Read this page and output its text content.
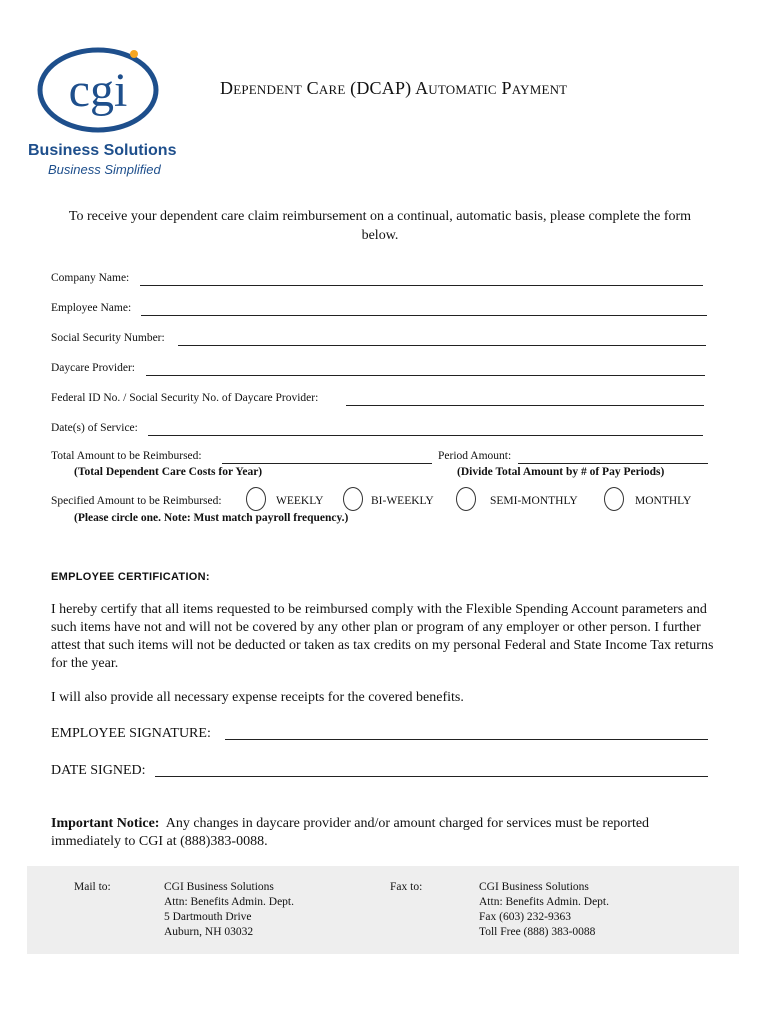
cgi
Business Solutions
Business Simplified
Dependent Care (DCAP) Automatic Payment
To receive your dependent care claim reimbursement on a continual, automatic basis, please complete the form below.
Company Name:
Employee Name:
Social Security Number:
Daycare Provider:
Federal ID No. / Social Security No. of Daycare Provider:
Date(s) of Service:
Total Amount to be Reimbursed:	Period Amount:
(Total Dependent Care Costs for Year)	(Divide Total Amount by # of Pay Periods)
Specified Amount to be Reimbursed:	WEEKLY	BI-WEEKLY	SEMI-MONTHLY	MONTHLY
(Please circle one. Note: Must match payroll frequency.)
EMPLOYEE CERTIFICATION:
I hereby certify that all items requested to be reimbursed comply with the Flexible Spending Account parameters and such items have not and will not be covered by any other plan or program of any employer or other person. I further attest that such items will not be deducted or taken as tax credits on my personal Federal and State Income Tax returns for the year.
I will also provide all necessary expense receipts for the covered benefits.
EMPLOYEE SIGNATURE:
DATE SIGNED:
Important Notice: Any changes in daycare provider and/or amount charged for services must be reported immediately to CGI at (888)383-0088.
Mail to:	CGI Business Solutions
Attn: Benefits Admin. Dept.
5 Dartmouth Drive
Auburn, NH 03032
Fax to:	CGI Business Solutions
Attn: Benefits Admin. Dept.
Fax (603) 232-9363
Toll Free (888) 383-0088
